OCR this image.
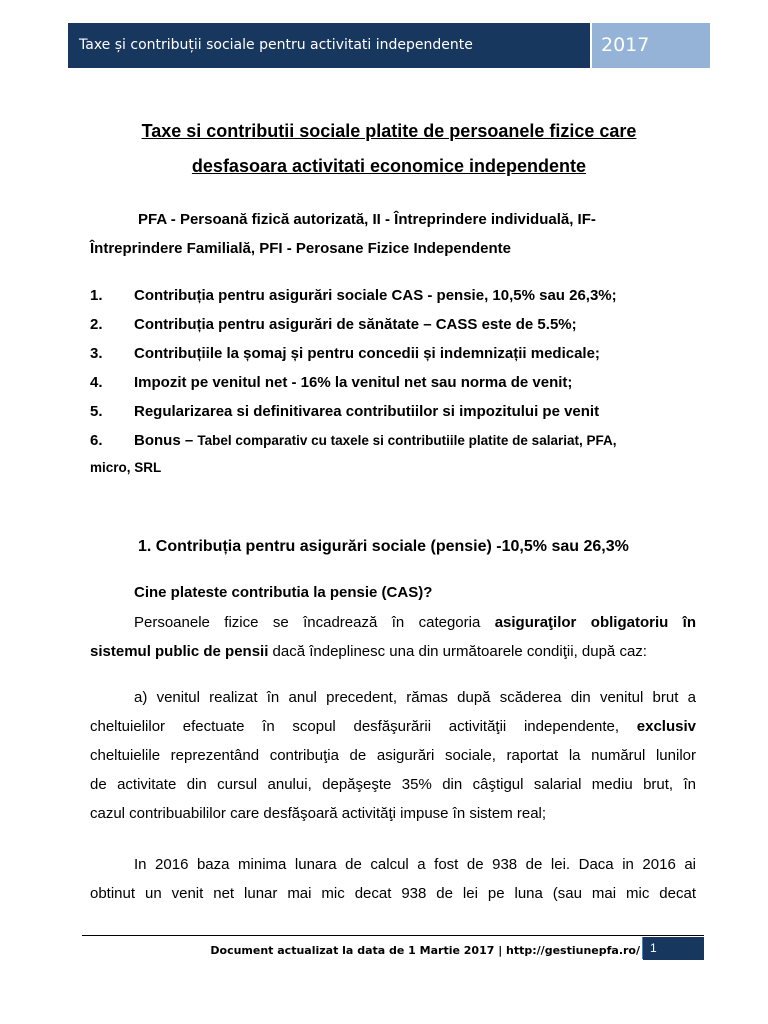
Taxe și contribuții sociale pentru activitati independente	2017
Taxe si contributii sociale platite de persoanele fizice care
desfasoara activitati economice independente
PFA - Persoană fizică autorizată, II - Întreprindere individuală, IF-
Întreprindere Familială, PFI - Perosane Fizice Independente
1. Contribuția pentru asigurări sociale CAS - pensie, 10,5% sau 26,3%;
2. Contribuția pentru asigurări de sănătate – CASS este de 5.5%;
3. Contribuțiile la șomaj și pentru concedii și indemnizații medicale;
4. Impozit pe venitul net - 16% la venitul net sau norma de venit;
5. Regularizarea si definitivarea contributiilor si impozitului pe venit
6. Bonus – Tabel comparativ cu taxele si contributiile platite de salariat, PFA,
micro, SRL
1. Contribuția pentru asigurări sociale (pensie) -10,5% sau 26,3%
Cine plateste contributia la pensie (CAS)?
Persoanele fizice se încadrează în categoria asiguraţilor obligatoriu în
sistemul public de pensii dacă îndeplinesc una din următoarele condiţii, după caz:
a) venitul realizat în anul precedent, rămas după scăderea din venitul brut a
cheltuielilor efectuate în scopul desfăşurării activităţii independente, exclusiv
cheltuielile reprezentând contribuţia de asigurări sociale, raportat la numărul lunilor
de activitate din cursul anului, depăşeşte 35% din câştigul salarial mediu brut, în
cazul contribuabililor care desfăşoară activităţi impuse în sistem real;
In 2016 baza minima lunara de calcul a fost de 938 de lei. Daca in 2016 ai
obtinut un venit net lunar mai mic decat 938 de lei pe luna (sau mai mic decat
Document actualizat la data de 1 Martie 2017 | http://gestiunepfa.ro/ 1
